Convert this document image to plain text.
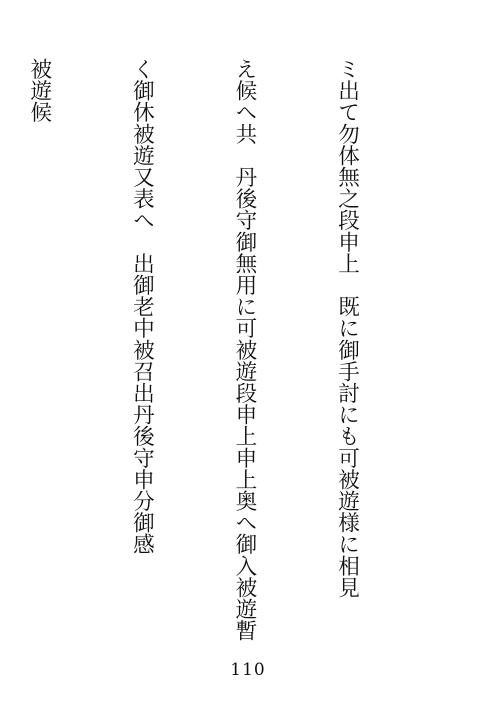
ミ出て勿体無之段申上　既に御手討にも可被遊様に相見

え候へ共　丹後守御無用に可被遊段申上申上奥へ御入被遊暫

く御休被遊又表へ　出御老中被召出丹後守申分御感

被遊候

110
